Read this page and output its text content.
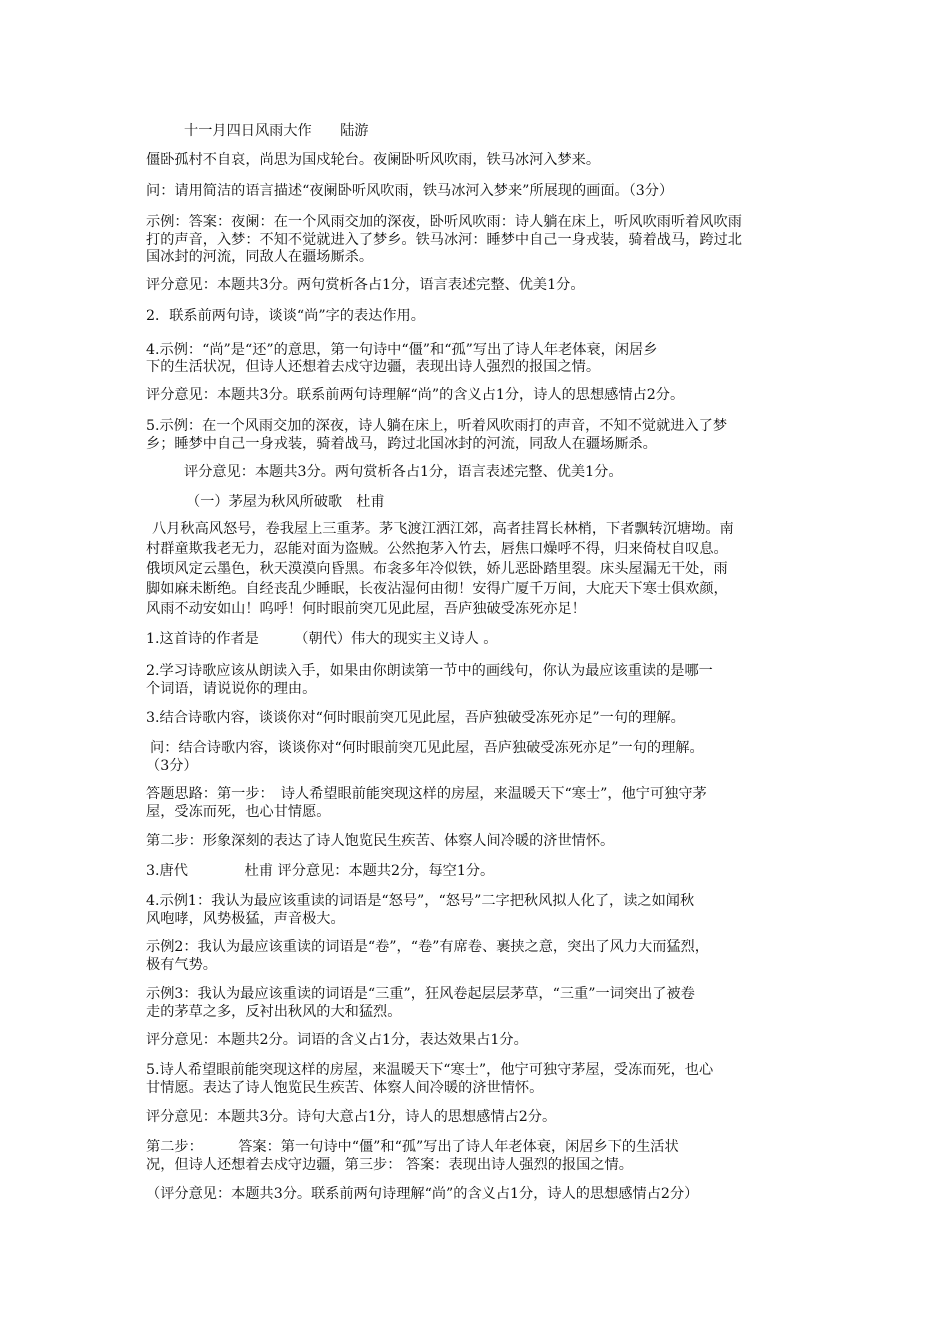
十一月四日风雨大作　　陆游
僵卧孤村不自哀，尚思为国戍轮台。夜阑卧听风吹雨，铁马冰河入梦来。
问：请用简洁的语言描述“夜阑卧听风吹雨，铁马冰河入梦来”所展现的画面。（3分）
示例：答案：夜阑：在一个风雨交加的深夜，卧听风吹雨：诗人躺在床上，听风吹雨听着风吹雨
打的声音，入梦：不知不觉就进入了梦乡。铁马冰河：睡梦中自己一身戎装，骑着战马，跨过北
国冰封的河流，同敌人在疆场厮杀。
评分意见：本题共3分。两句赏析各占1分，语言表述完整、优美1分。
2．联系前两句诗，谈谈“尚”字的表达作用。
4.示例：“尚”是“还”的意思，第一句诗中“僵”和“孤”写出了诗人年老体衰，闲居乡
下的生活状况，但诗人还想着去戍守边疆，表现出诗人强烈的报国之情。
评分意见：本题共3分。联系前两句诗理解“尚”的含义占1分，诗人的思想感情占2分。
5.示例：在一个风雨交加的深夜，诗人躺在床上，听着风吹雨打的声音，不知不觉就进入了梦
乡；睡梦中自己一身戎装，骑着战马，跨过北国冰封的河流，同敌人在疆场厮杀。
评分意见：本题共3分。两句赏析各占1分，语言表述完整、优美1分。
（一）茅屋为秋风所破歌　杜甫
八月秋高风怒号，卷我屋上三重茅。茅飞渡江洒江郊，高者挂罥长林梢，下者飘转沉塘坳。南
村群童欺我老无力，忍能对面为盗贼。公然抱茅入竹去，唇焦口燥呼不得，归来倚杖自叹息。
俄顷风定云墨色，秋天漠漠向昏黑。布衾多年冷似铁，娇儿恶卧踏里裂。床头屋漏无干处，雨
脚如麻未断绝。自经丧乱少睡眠，长夜沾湿何由彻！安得广厦千万间，大庇天下寒士俱欢颜，
风雨不动安如山！呜呼！何时眼前突兀见此屋，吾庐独破受冻死亦足！
1.这首诗的作者是　　　（朝代）伟大的现实主义诗人 。
2.学习诗歌应该从朗读入手，如果由你朗读第一节中的画线句，你认为最应该重读的是哪一
个词语，请说说你的理由。
3.结合诗歌内容，谈谈你对“何时眼前突兀见此屋，吾庐独破受冻死亦足”一句的理解。
问：结合诗歌内容，谈谈你对“何时眼前突兀见此屋，吾庐独破受冻死亦足”一句的理解。
（3分）
答题思路：第一步：　诗人希望眼前能突现这样的房屋，来温暖天下“寒士”，他宁可独守茅
屋，受冻而死，也心甘情愿。
第二步：形象深刻的表达了诗人饱览民生疾苦、体察人间冷暖的济世情怀。
3.唐代　　　　杜甫 评分意见：本题共2分，每空1分。
4.示例1：我认为最应该重读的词语是“怒号”，“怒号”二字把秋风拟人化了，读之如闻秋
风咆哮，风势极猛，声音极大。
示例2：我认为最应该重读的词语是“卷”，“卷”有席卷、裹挟之意，突出了风力大而猛烈，
极有气势。
示例3：我认为最应该重读的词语是“三重”，狂风卷起层层茅草，“三重”一词突出了被卷
走的茅草之多，反衬出秋风的大和猛烈。
评分意见：本题共2分。词语的含义占1分，表达效果占1分。
5.诗人希望眼前能突现这样的房屋，来温暖天下“寒士”，他宁可独守茅屋，受冻而死，也心
甘情愿。表达了诗人饱览民生疾苦、体察人间冷暖的济世情怀。
评分意见：本题共3分。诗句大意占1分，诗人的思想感情占2分。
第二步：　　　答案：第一句诗中“僵”和“孤”写出了诗人年老体衰，闲居乡下的生活状
况，但诗人还想着去戍守边疆，第三步： 答案：表现出诗人强烈的报国之情。
（评分意见：本题共3分。联系前两句诗理解“尚”的含义占1分，诗人的思想感情占2分）
